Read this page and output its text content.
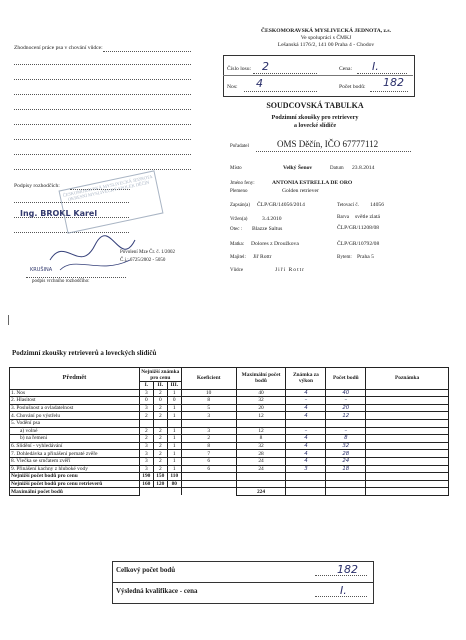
Zhodnocení práce psa v chování vůdce:
Podpisy rozhodčích:
Ing. BROKL Karel
ČESKOMORAVSKÁ MYSLIVECKÁ JEDNOTA OKRESNÍ MYSLIVECKÝ SPOLEK DĚČÍN
Povolení Mze Čr. č. 1/2002
Č.j.: 6725/2002 - 5050
KRUŠINA
podpis vrchního rozhodčího:
ČESKOMORAVSKÁ MYSLIVECKÁ JEDNOTA, z.s.
Ve spolupráci s ČMKJ
Lešanská 1176/2, 141 00 Praha 4 - Chodov
Číslo losu: 2	Cena: I.
Nos: 4	Počet bodů: 182
SOUDCOVSKÁ TABULKA
Podzimní zkoušky pro retrievery
a lovecké slídiče
Pořadatel	OMS Děčín, IČO 67777112
Místo	Velký Šenov	Datum 23.8.2014
Jméno feny:	ANTONIA ESTRELLA DE ORO
Plemeno	Golden retriever
Zapsán(a) ČLP/GR/14056/2014	Tetovací č. 14056
Vržen(a)	3.4.2010	Barva světle zlatá
Otec : Blazze Saltus	ČLP/GR/11208/08
Matka: Dolores z Droužkova	ČLP/GR/10792/08
Majitel: Jiř Rottr	Bytem: Praha 5
Vůdce	Jiří Rottr
Podzimní zkoušky retrieverů a loveckých slídičů
Předmět	Nejnižší známka pro cenu			Koeficient	Maximální počet bodů	Známka za výkon	Počet bodů	Poznámka
	I.	II.	III.					
1. Nos	3	2	1	10	40	4	40	
2. Hlasitost	0	0	0	8	32	–	–	
3. Poslušnost a ovladatelnost	3	2	1	5	20	4	20	
4. Chování po výstřelu	2	2	1	3	12	4	12	
5. Vodění psa								
a) volné	2	2	1	3	12	–	–	
b) na řemeni	2	2	1	2	8	4	8	
6. Slídění - vyhledávání	3	2	1	8	32	4	32	
7. Dohledávka a přinášení pernaté zvěře	3	2	1	7	28	4	28	
8. Vlečka se srnčatem zvěří	3	2	1	6	24	4	24	
9. Přinášení kachny z hluboké vody	3	2	1	6	24	3	18	
Nejnižší počet bodů pro cenu	190	150	110					
Nejnižší počet bodů pro cenu retrieverů	160	120	80					
Maximální počet bodů					224			
Celkový počet bodů	182
Výsledná kvalifikace - cena	I.
